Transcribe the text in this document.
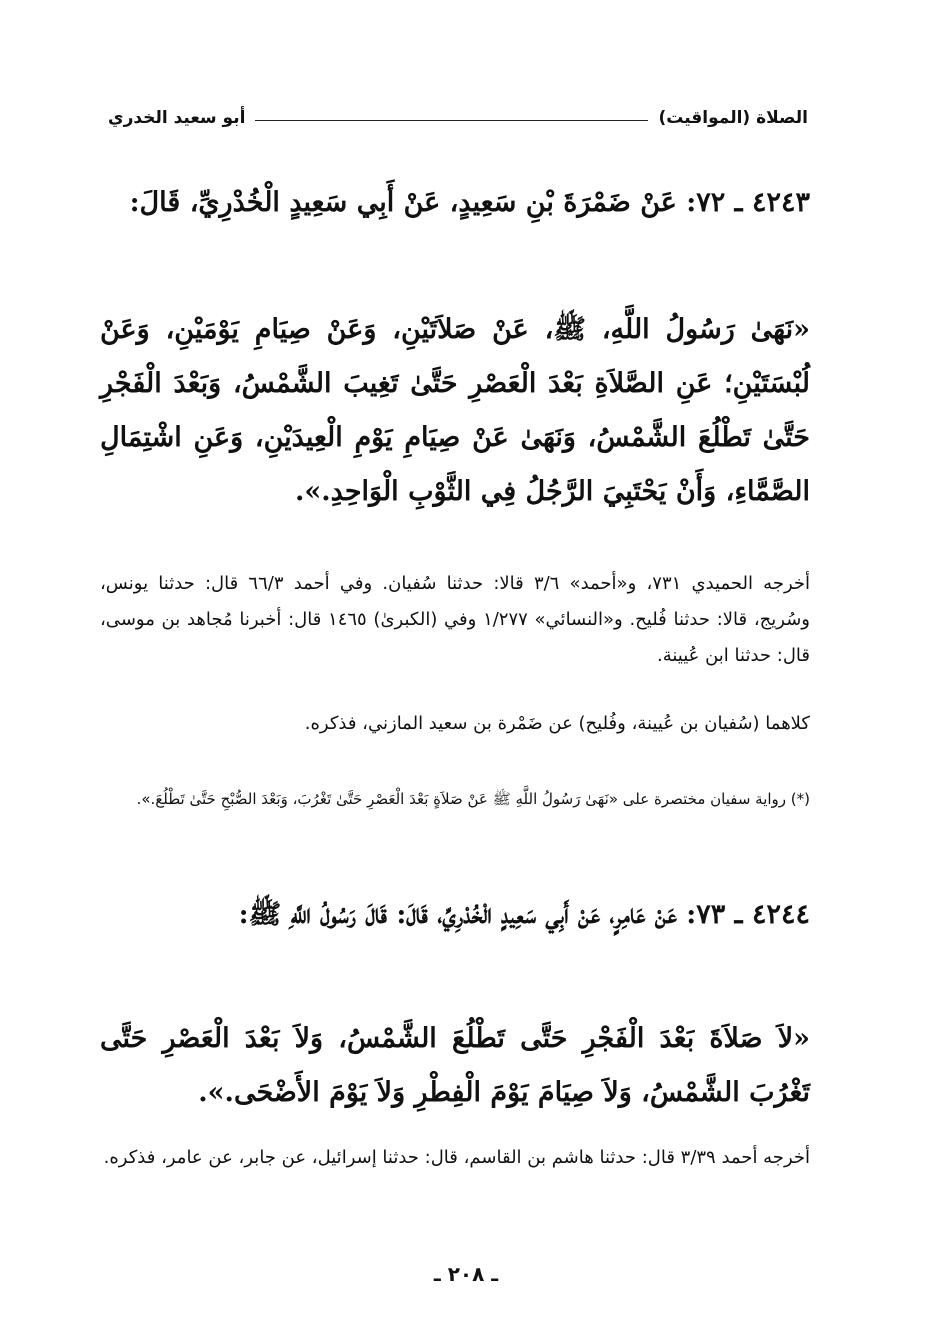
الصلاة (المواقيت)
أبو سعيد الخدري
٤٢٤٣ ـ ٧٢: عَنْ ضَمْرَةَ بْنِ سَعِيدٍ، عَنْ أَبِي سَعِيدٍ الْخُدْرِيِّ، قَالَ:
«نَهَىٰ رَسُولُ اللَّهِ، ﷺ، عَنْ صَلاَتَيْنِ، وَعَنْ صِيَامِ يَوْمَيْنِ، وَعَنْ لُبْسَتَيْنِ؛ عَنِ الصَّلاَةِ بَعْدَ الْعَصْرِ حَتَّىٰ تَغِيبَ الشَّمْسُ، وَبَعْدَ الْفَجْرِ حَتَّىٰ تَطْلُعَ الشَّمْسُ، وَنَهَىٰ عَنْ صِيَامِ يَوْمِ الْعِيدَيْنِ، وَعَنِ اشْتِمَالِ الصَّمَّاءِ، وَأَنْ يَحْتَبِيَ الرَّجُلُ فِي الثَّوْبِ الْوَاحِدِ.».
أخرجه الحميدي ٧٣١، و«أحمد» ٣/٦ قالا: حدثنا سُفيان. وفي أحمد ٦٦/٣ قال: حدثنا يونس، وسُريج، قالا: حدثنا فُليح. و«النسائي» ١/٢٧٧ وفي (الكبرىٰ) ١٤٦٥ قال: أخبرنا مُجاهد بن موسى، قال: حدثنا ابن عُيينة.
كلاهما (سُفيان بن عُيينة، وفُليح) عن ضَمْرة بن سعيد المازني، فذكره.
(*) رواية سفيان مختصرة على «نَهَىٰ رَسُولُ اللَّهِ ﷺ عَنْ صَلاَةٍ بَعْدَ الْعَصْرِ حَتَّىٰ تَغْرُبَ، وَبَعْدَ الصُّبْحِ حَتَّىٰ تَطْلُعَ.».
٤٢٤٤ ـ ٧٣: عَنْ عَامِرٍ، عَنْ أَبِي سَعِيدٍ الْخُدْرِيِّ، قَالَ: قَالَ رَسُولُ اللَّهِ ﷺ:
«لاَ صَلاَةَ بَعْدَ الْفَجْرِ حَتَّى تَطْلُعَ الشَّمْسُ، وَلاَ بَعْدَ الْعَصْرِ حَتَّى تَغْرُبَ الشَّمْسُ، وَلاَ صِيَامَ يَوْمَ الْفِطْرِ وَلاَ يَوْمَ الأَضْحَى.».
أخرجه أحمد ٣/٣٩ قال: حدثنا هاشم بن القاسم، قال: حدثنا إسرائيل، عن جابر، عن عامر، فذكره.
ـ ٢٠٨ ـ
